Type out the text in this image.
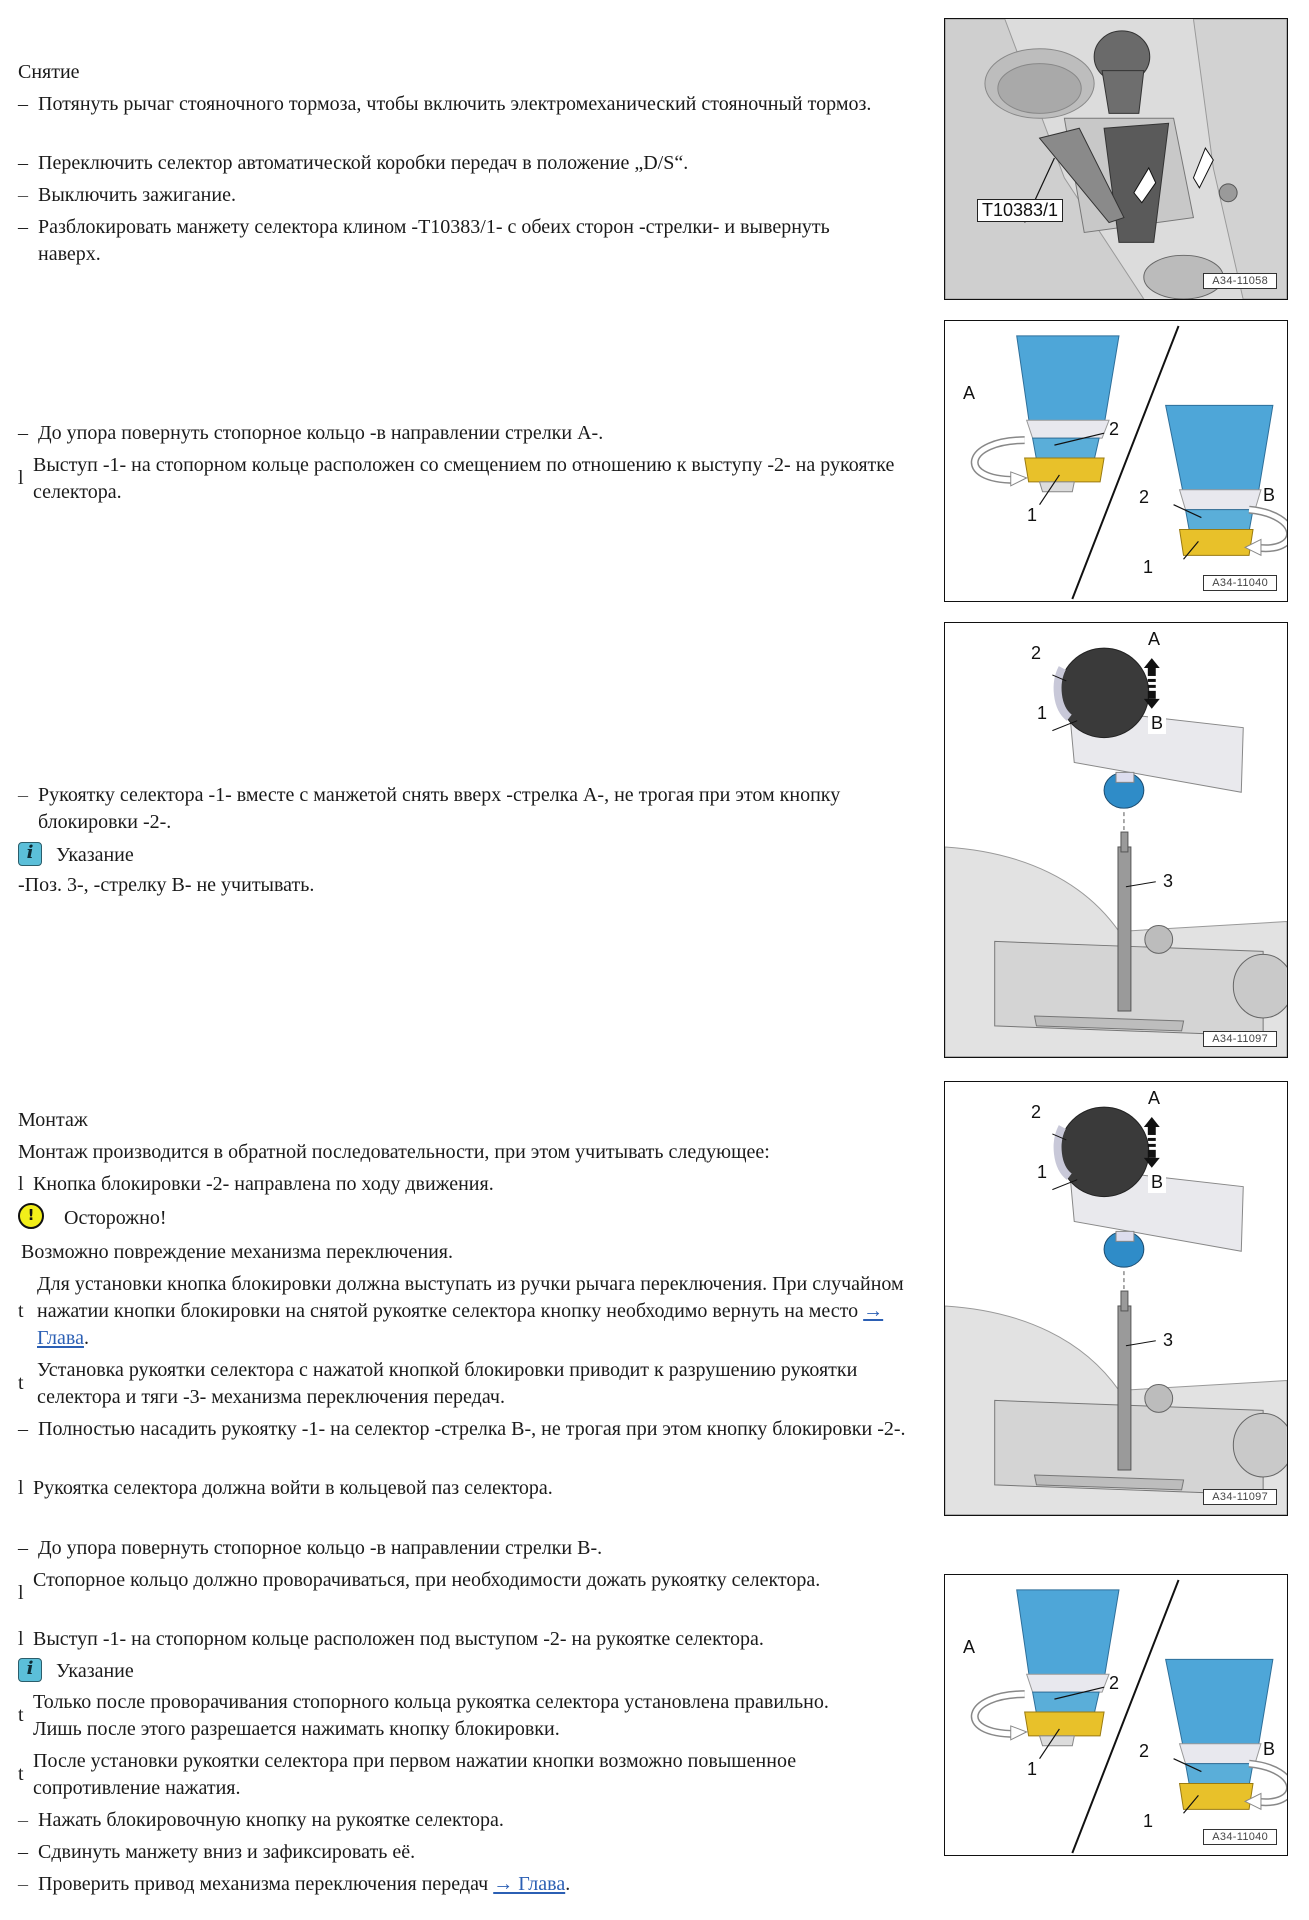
Снятие
– Потянуть рычаг стояночного тормоза, чтобы включить электромеханический стояночный тормоз.
– Переключить селектор автоматической коробки передач в положение „D/S“.
– Выключить зажигание.
– Разблокировать манжету селектора клином -T10383/1- с обеих сторон -стрелки- и вывернуть наверх.
T10383/1
A34-11058
– До упора повернуть стопорное кольцо -в направлении стрелки A-.
l
Выступ -1- на стопорном кольце расположен со смещением по отношению к выступу -2- на рукоятке селектора.
A
2
1
2	B
1
A34-11040
– Рукоятку селектора -1- вместе с манжетой снять вверх -стрелка A-, не трогая при этом кнопку блокировки -2-.
i	Указание
-Поз. 3-, -стрелку B- не учитывать.
2
1
A
B
3
A34-11097
Монтаж
Монтаж производится в обратной последовательности, при этом учитывать следующее:
l Кнопка блокировки -2- направлена по ходу движения.
!	Осторожно!
Возможно повреждение механизма переключения.
t
Для установки кнопка блокировки должна выступать из ручки рычага переключения. При случайном нажатии кнопки блокировки на снятой рукоятке селектора кнопку необходимо вернуть на место → Глава.
t
Установка рукоятки селектора с нажатой кнопкой блокировки приводит к разрушению рукоятки селектора и тяги -3- механизма переключения передач.
– Полностью насадить рукоятку -1- на селектор -стрелка B-, не трогая при этом кнопку блокировки -2-.
l Рукоятка селектора должна войти в кольцевой паз селектора.
2
1
A
B
3
A34-11097
– До упора повернуть стопорное кольцо -в направлении стрелки B-.
l
Стопорное кольцо должно проворачиваться, при необходимости дожать рукоятку селектора.
l Выступ -1- на стопорном кольце расположен под выступом -2- на рукоятке селектора.
i	Указание
t
Только после проворачивания стопорного кольца рукоятка селектора установлена правильно. Лишь после этого разрешается нажимать кнопку блокировки.
t
После установки рукоятки селектора при первом нажатии кнопки возможно повышенное сопротивление нажатия.
– Нажать блокировочную кнопку на рукоятке селектора.
– Сдвинуть манжету вниз и зафиксировать её.
– Проверить привод механизма переключения передач → Глава.
A
2
1
2	B
1
A34-11040
